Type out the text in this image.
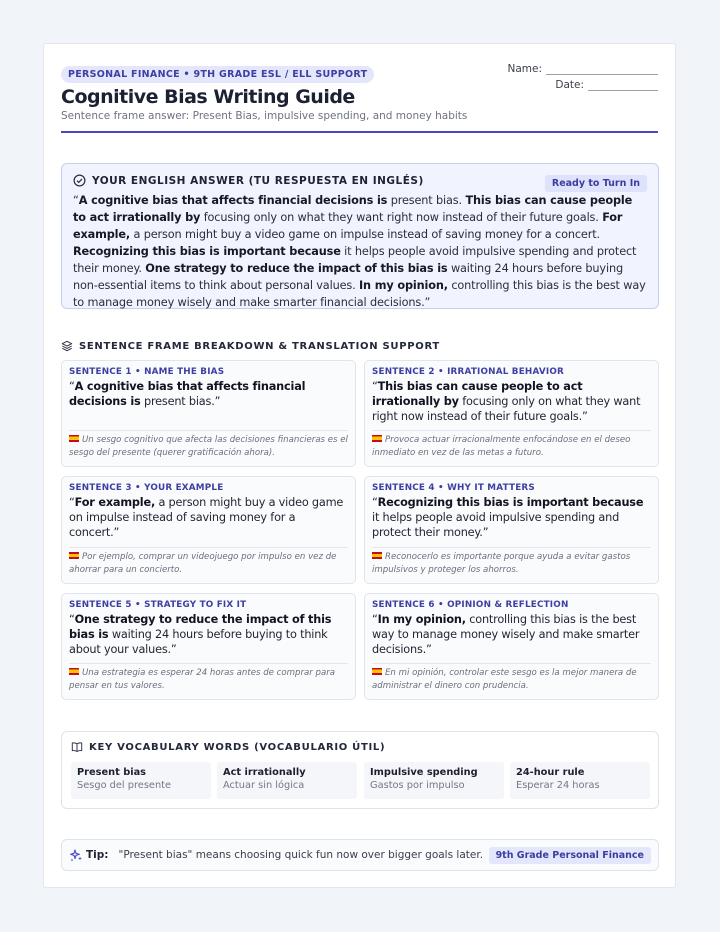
PERSONAL FINANCE • 9TH GRADE ESL / ELL SUPPORT
Cognitive Bias Writing Guide
Sentence frame answer: Present Bias, impulsive spending, and money habits
Name:
Date:
YOUR ENGLISH ANSWER (TU RESPUESTA EN INGLÉS)	Ready to Turn In
“A cognitive bias that affects financial decisions is present bias. This bias can cause people to act irrationally by focusing only on what they want right now instead of their future goals. For example, a person might buy a video game on impulse instead of saving money for a concert. Recognizing this bias is important because it helps people avoid impulsive spending and protect their money. One strategy to reduce the impact of this bias is waiting 24 hours before buying non-essential items to think about personal values. In my opinion, controlling this bias is the best way to manage money wisely and make smarter financial decisions.”
SENTENCE FRAME BREAKDOWN & TRANSLATION SUPPORT
SENTENCE 1 • NAME THE BIAS
“A cognitive bias that affects financial decisions is present bias.”
Un sesgo cognitivo que afecta las decisiones financieras es el sesgo del presente (querer gratificación ahora).
SENTENCE 2 • IRRATIONAL BEHAVIOR
“This bias can cause people to act irrationally by focusing only on what they want right now instead of their future goals.”
Provoca actuar irracionalmente enfocándose en el deseo inmediato en vez de las metas a futuro.
SENTENCE 3 • YOUR EXAMPLE
“For example, a person might buy a video game on impulse instead of saving money for a concert.”
Por ejemplo, comprar un videojuego por impulso en vez de ahorrar para un concierto.
SENTENCE 4 • WHY IT MATTERS
“Recognizing this bias is important because it helps people avoid impulsive spending and protect their money.”
Reconocerlo es importante porque ayuda a evitar gastos impulsivos y proteger los ahorros.
SENTENCE 5 • STRATEGY TO FIX IT
“One strategy to reduce the impact of this bias is waiting 24 hours before buying to think about your values.”
Una estrategia es esperar 24 horas antes de comprar para pensar en tus valores.
SENTENCE 6 • OPINION & REFLECTION
“In my opinion, controlling this bias is the best way to manage money wisely and make smarter decisions.”
En mi opinión, controlar este sesgo es la mejor manera de administrar el dinero con prudencia.
KEY VOCABULARY WORDS (VOCABULARIO ÚTIL)
Present bias
Sesgo del presente
Act irrationally
Actuar sin lógica
Impulsive spending
Gastos por impulso
24-hour rule
Esperar 24 horas
Tip: "Present bias" means choosing quick fun now over bigger goals later.	9th Grade Personal Finance
